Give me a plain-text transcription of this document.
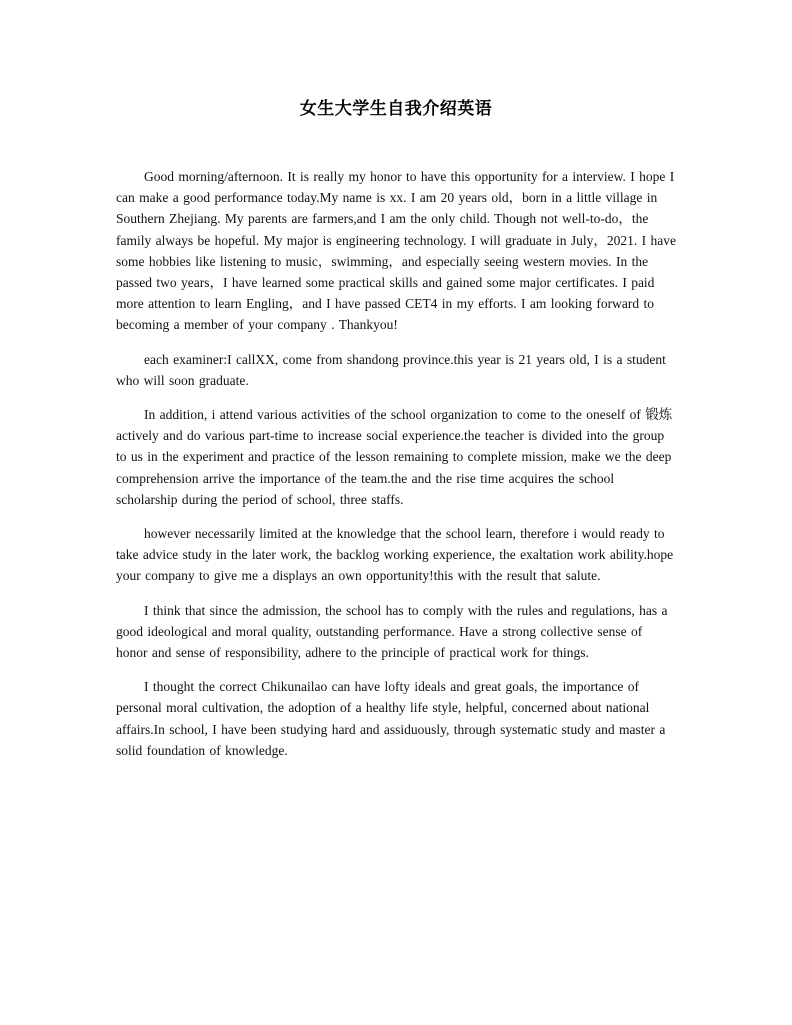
女生大学生自我介绍英语

Good morning/afternoon. It is really my honor to have this opportunity for a interview. I hope I can make a good performance today.My name is xx. I am 20 years old，born in a little village in Southern Zhejiang. My parents are farmers,and I am the only child. Though not well-to-do，the family always be hopeful. My major is engineering technology. I will graduate in July，2021. I have some hobbies like listening to music，swimming，and especially seeing western movies. In the passed two years，I have learned some practical skills and gained some major certificates. I paid more attention to learn Engling，and I have passed CET4 in my efforts. I am looking forward to becoming a member of your company . Thankyou!

each examiner:I callXX, come from shandong province.this year is 21 years old, I is a student who will soon graduate.

In addition, i attend various activities of the school organization to come to the oneself of 锻炼 actively and do various part-time to increase social experience.the teacher is divided into the group to us in the experiment and practice of the lesson remaining to complete mission, make we the deep comprehension arrive the importance of the team.the and the rise time acquires the school scholarship during the period of school, three staffs.

however necessarily limited at the knowledge that the school learn, therefore i would ready to take advice study in the later work, the backlog working experience, the exaltation work ability.hope your company to give me a displays an own opportunity!this with the result that salute.

I think that since the admission, the school has to comply with the rules and regulations, has a good ideological and moral quality, outstanding performance. Have a strong collective sense of honor and sense of responsibility, adhere to the principle of practical work for things.

I thought the correct Chikunailao can have lofty ideals and great goals, the importance of personal moral cultivation, the adoption of a healthy life style, helpful, concerned about national affairs.In school, I have been studying hard and assiduously, through systematic study and master a solid foundation of knowledge.
